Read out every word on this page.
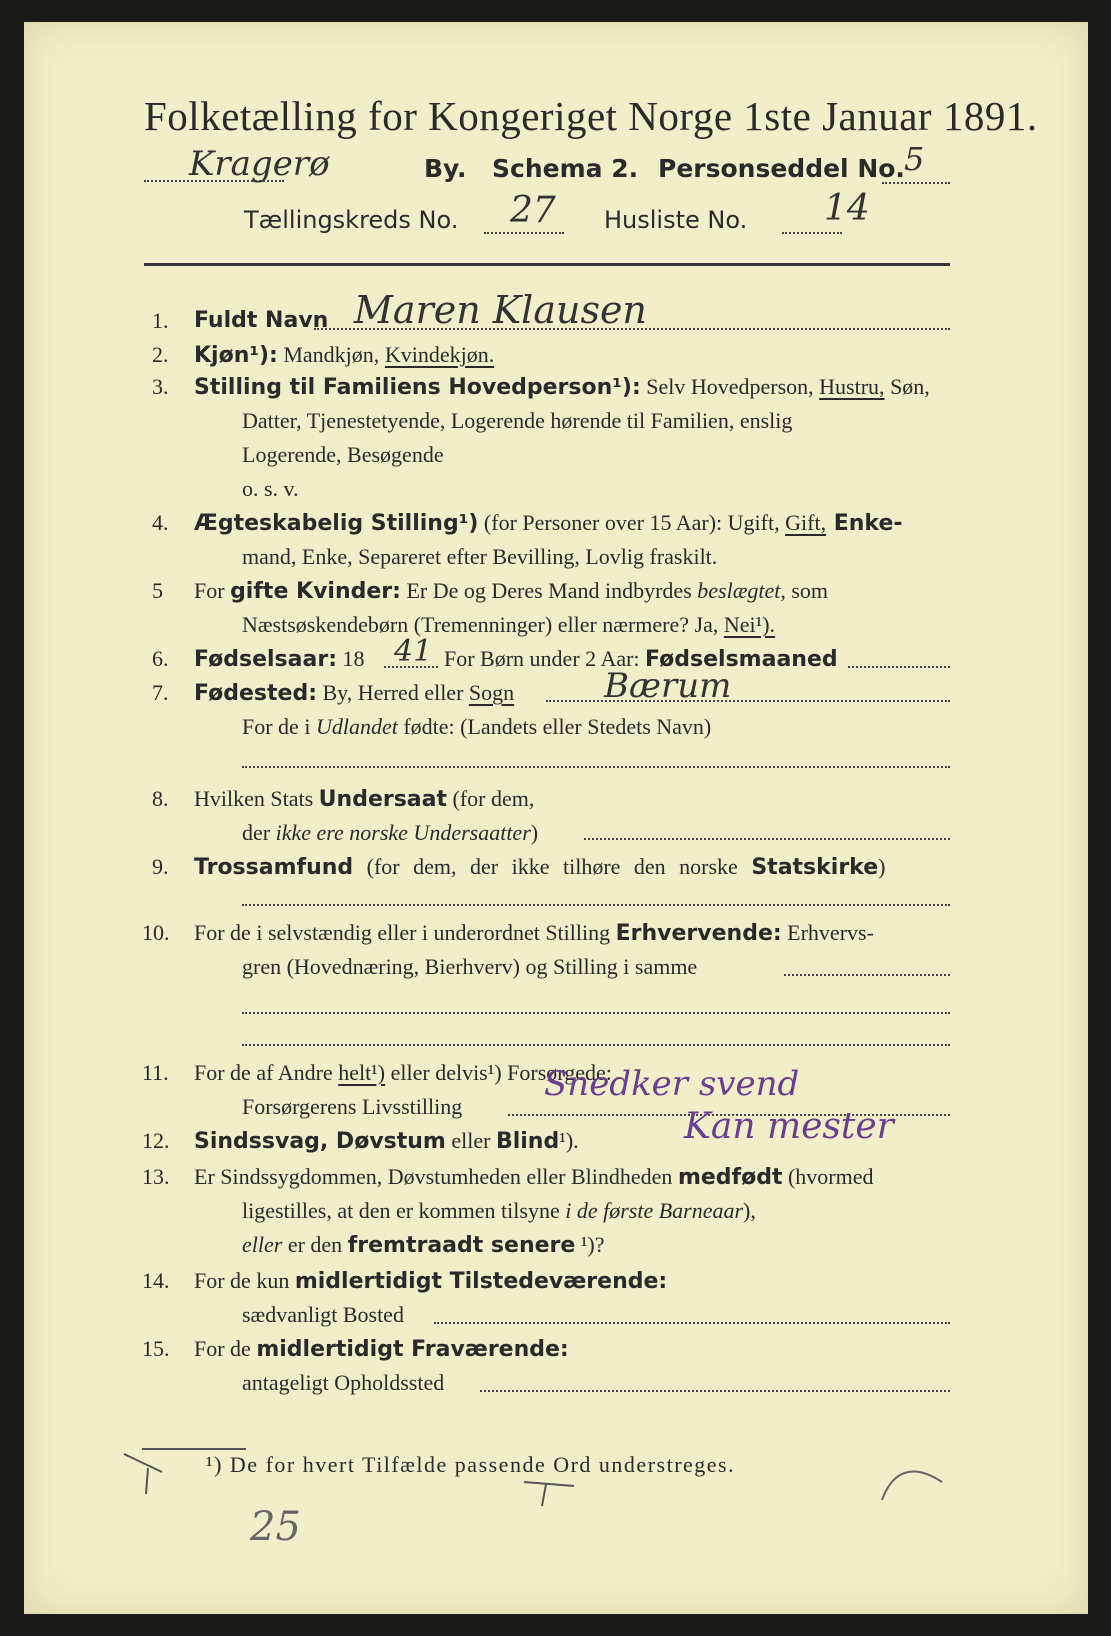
Folketælling for Kongeriget Norge 1ste Januar 1891.
Kragerø	By. Schema 2. Personseddel No. 5
Tællingskreds No. 27 Husliste No. 14
1. Fuldt Navn Maren Klausen
2. Kjøn¹): Mandkjøn, Kvindekjøn.
3. Stilling til Familiens Hovedperson¹): Selv Hovedperson, Hustru, Søn,
Datter, Tjenestetyende, Logerende hørende til Familien, enslig
Logerende, Besøgende
o. s. v.
4. Ægteskabelig Stilling¹) (for Personer over 15 Aar): Ugift, Gift, Enke-
mand, Enke, Separeret efter Bevilling, Lovlig fraskilt.
5 For gifte Kvinder: Er De og Deres Mand indbyrdes beslægtet, som
Næstsøskendebørn (Tremenninger) eller nærmere? Ja, Nei¹).
6. Fødselsaar: 18 41 For Børn under 2 Aar: Fødselsmaaned
7. Fødested: By, Herred eller Sogn	Bærum
For de i Udlandet fødte: (Landets eller Stedets Navn)
8. Hvilken Stats Undersaat (for dem,
der ikke ere norske Undersaatter)
9. Trossamfund (for dem, der ikke tilhøre den norske Statskirke)
10. For de i selvstændig eller i underordnet Stilling Erhvervende: Erhvervs-
gren (Hovednæring, Bierhverv) og Stilling i samme
11. For de af Andre helt¹) eller delvis¹) Forsørgede:
Forsørgerens Livsstilling
Snedker svend
12. Sindssvag, Døvstum eller Blind¹).	Kan mester
13. Er Sindssygdommen, Døvstumheden eller Blindheden medfødt (hvormed
ligestilles, at den er kommen tilsyne i de første Barneaar),
eller er den fremtraadt senere ¹)?
14. For de kun midlertidigt Tilstedeværende:
sædvanligt Bosted
15. For de midlertidigt Fraværende:
antageligt Opholdssted
¹) De for hvert Tilfælde passende Ord understreges.
25
